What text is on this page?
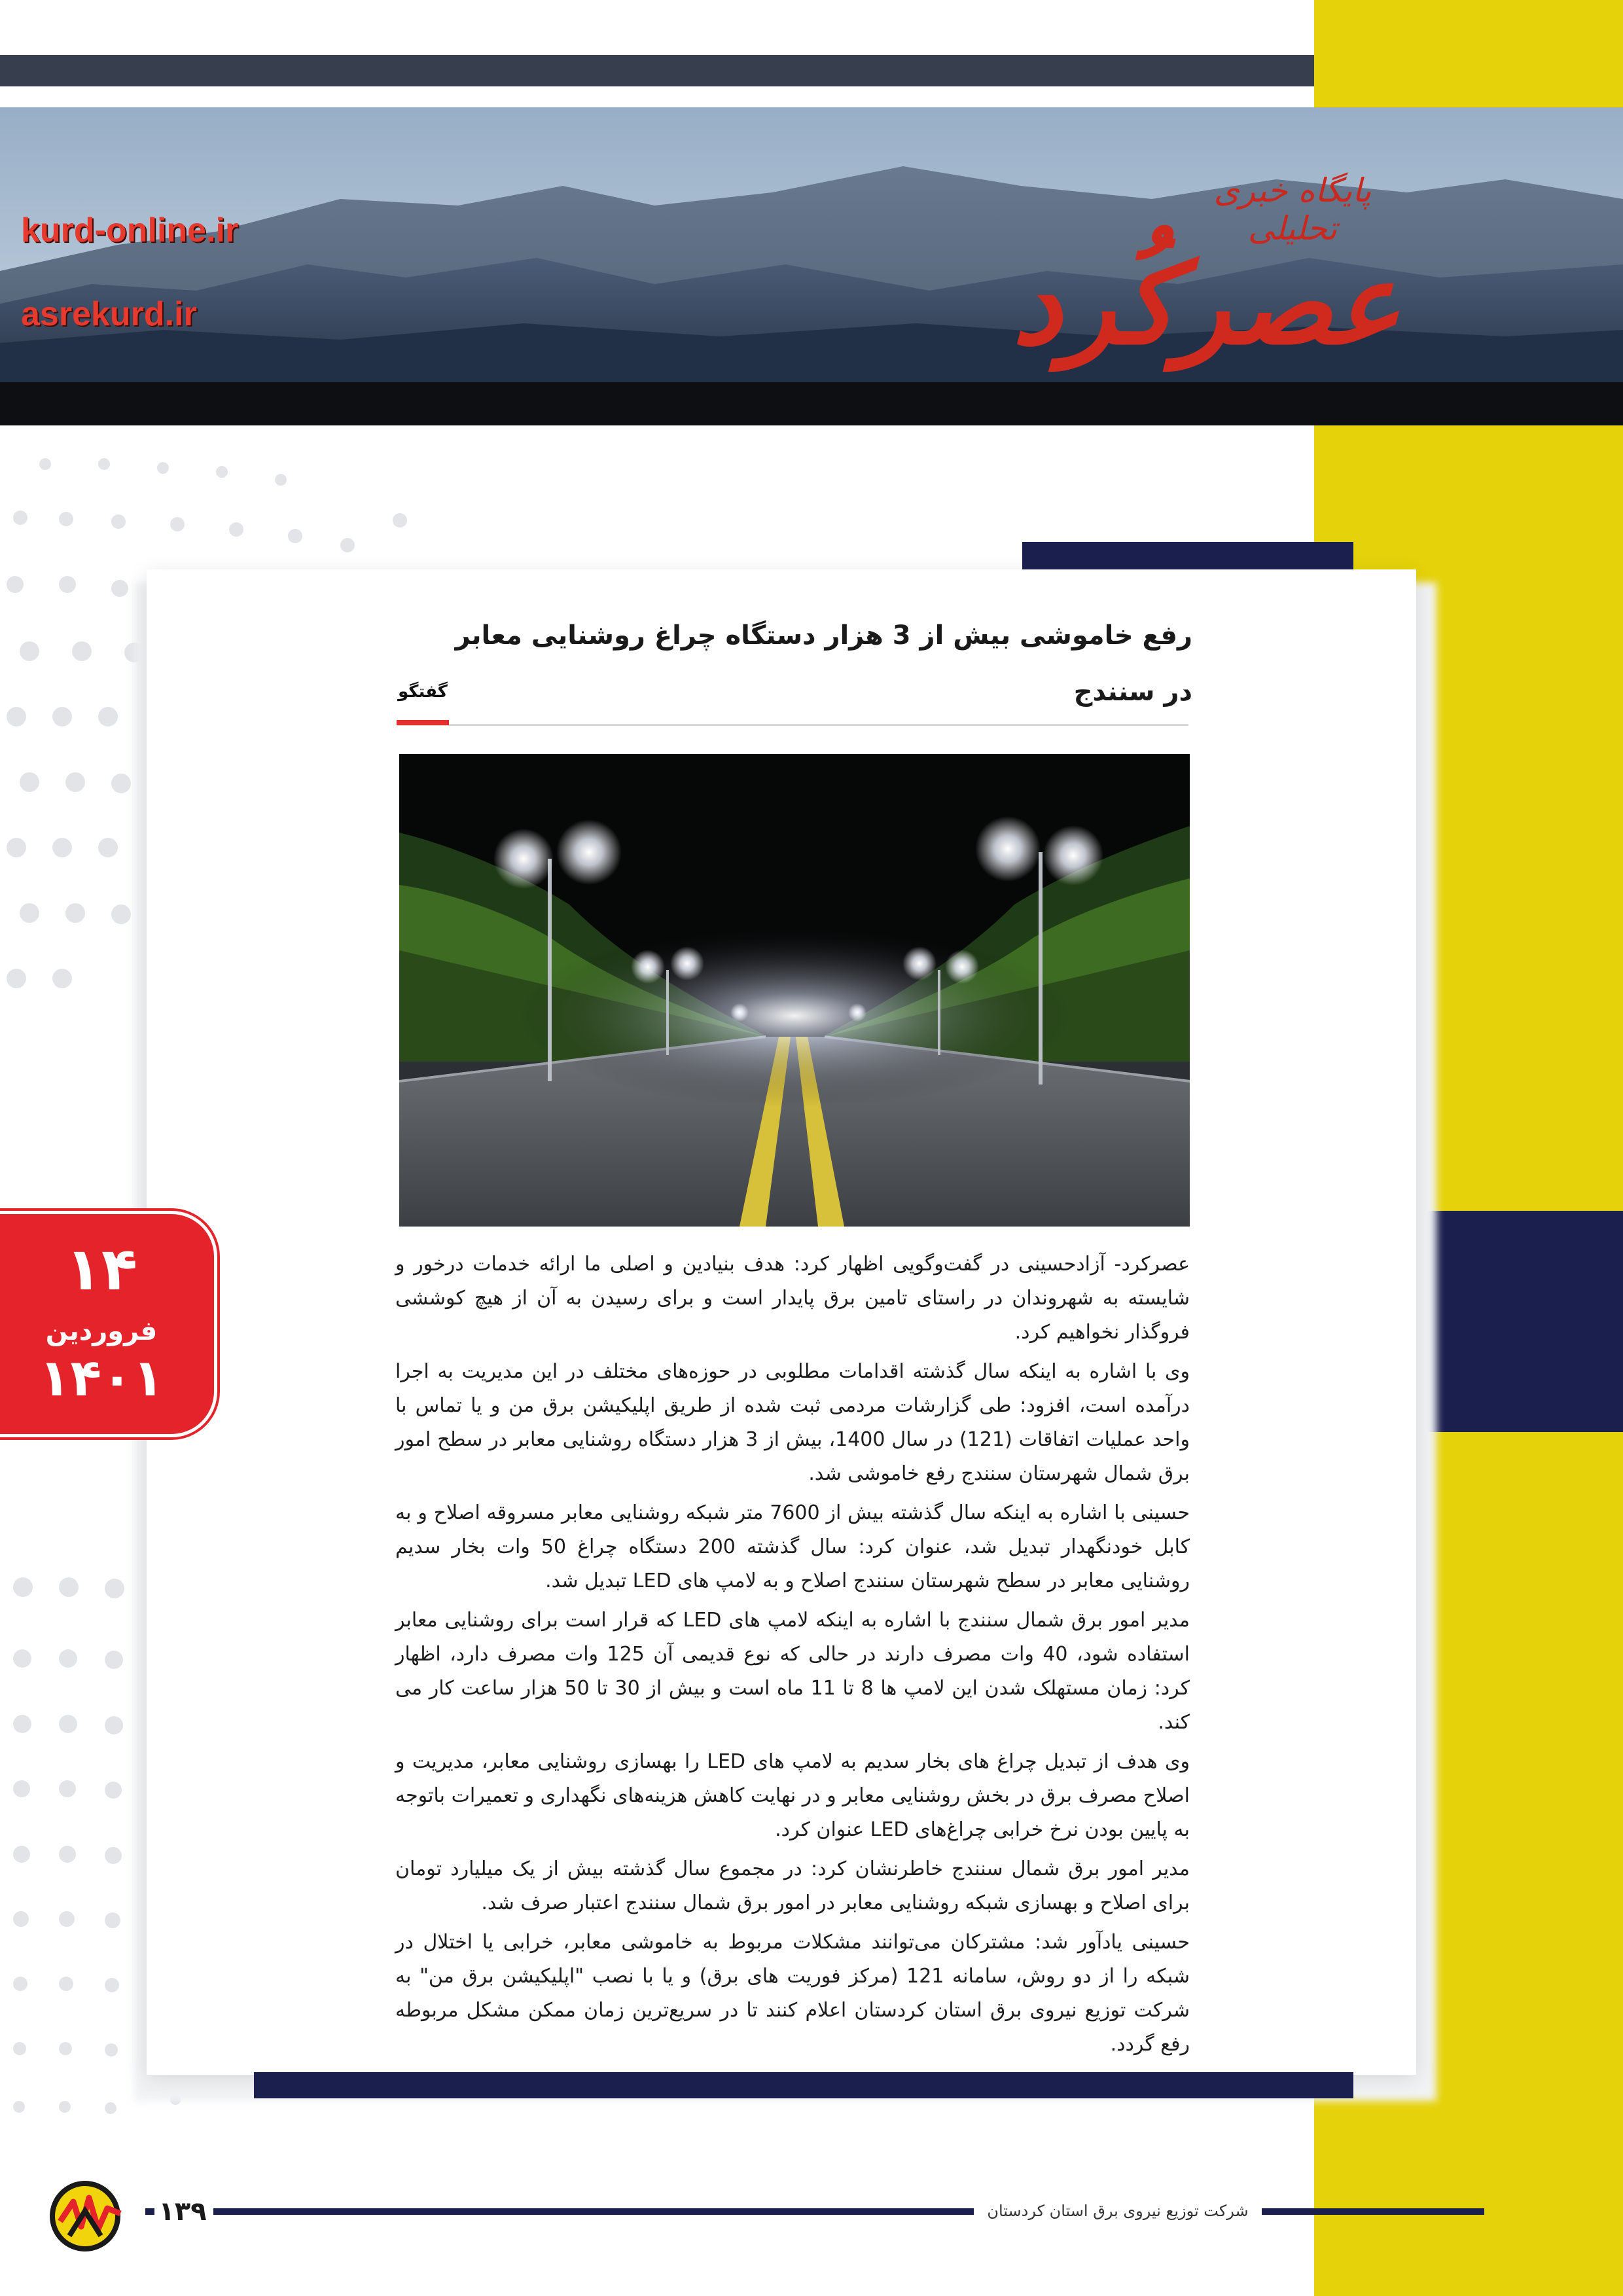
kurd-online.ir
asrekurd.ir
پایگاه خبری تحلیلی
عصرکُرد
رفع خاموشی بیش از 3 هزار دستگاه چراغ روشنایی معابر
در سنندج
گفتگو

عصرکرد- آزادحسینی در گفت‌وگویی اظهار کرد: هدف بنیادین و اصلی ما ارائه خدمات درخور و شایسته به شهروندان در راستای تامین برق پایدار است و برای رسیدن به آن از هیچ کوششی فروگذار نخواهیم کرد.

وی با اشاره به اینکه سال گذشته اقدامات مطلوبی در حوزه‌های مختلف در این مدیریت به اجرا درآمده است، افزود: طی گزارشات مردمی ثبت شده از طریق اپلیکیشن برق من و یا تماس با واحد عملیات اتفاقات (121) در سال 1400، بیش از 3 هزار دستگاه روشنایی معابر در سطح امور برق شمال شهرستان سنندج رفع خاموشی شد.

حسینی با اشاره به اینکه سال گذشته بیش از 7600 متر شبکه روشنایی معابر مسروقه اصلاح و به کابل خودنگهدار تبدیل شد، عنوان کرد: سال گذشته 200 دستگاه چراغ 50 وات بخار سدیم روشنایی معابر در سطح شهرستان سنندج اصلاح و به لامپ های LED تبدیل شد.

مدیر امور برق شمال سنندج با اشاره به اینکه لامپ های LED که قرار است برای روشنایی معابر استفاده شود، 40 وات مصرف دارند در حالی که نوع قدیمی آن 125 وات مصرف دارد، اظهار کرد: زمان مستهلک شدن این لامپ ها 8 تا 11 ماه است و بیش از 30 تا 50 هزار ساعت کار می کند.

وی هدف از تبدیل چراغ های بخار سدیم به لامپ های LED را بهسازی روشنایی معابر، مدیریت و اصلاح مصرف برق در بخش روشنایی معابر و در نهایت کاهش هزینه‌های نگهداری و تعمیرات باتوجه به پایین بودن نرخ خرابی چراغ‌های LED عنوان کرد.

مدیر امور برق شمال سنندج خاطرنشان کرد: در مجموع سال گذشته بیش از یک میلیارد تومان برای اصلاح و بهسازی شبکه روشنایی معابر در امور برق شمال سنندج اعتبار صرف شد.

حسینی یادآور شد: مشترکان می‌توانند مشکلات مربوط به خاموشی معابر، خرابی یا اختلال در شبکه را از دو روش، سامانه 121 (مرکز فوریت های برق) و یا با نصب "اپلیکیشن برق من" به شرکت توزیع نیروی برق استان کردستان اعلام کنند تا در سریع‌ترین زمان ممکن مشکل مربوطه رفع گردد.

۱۴
فروردین
۱۴۰۱
شرکت توزیع نیروی برق استان کردستان
۱۳۹
